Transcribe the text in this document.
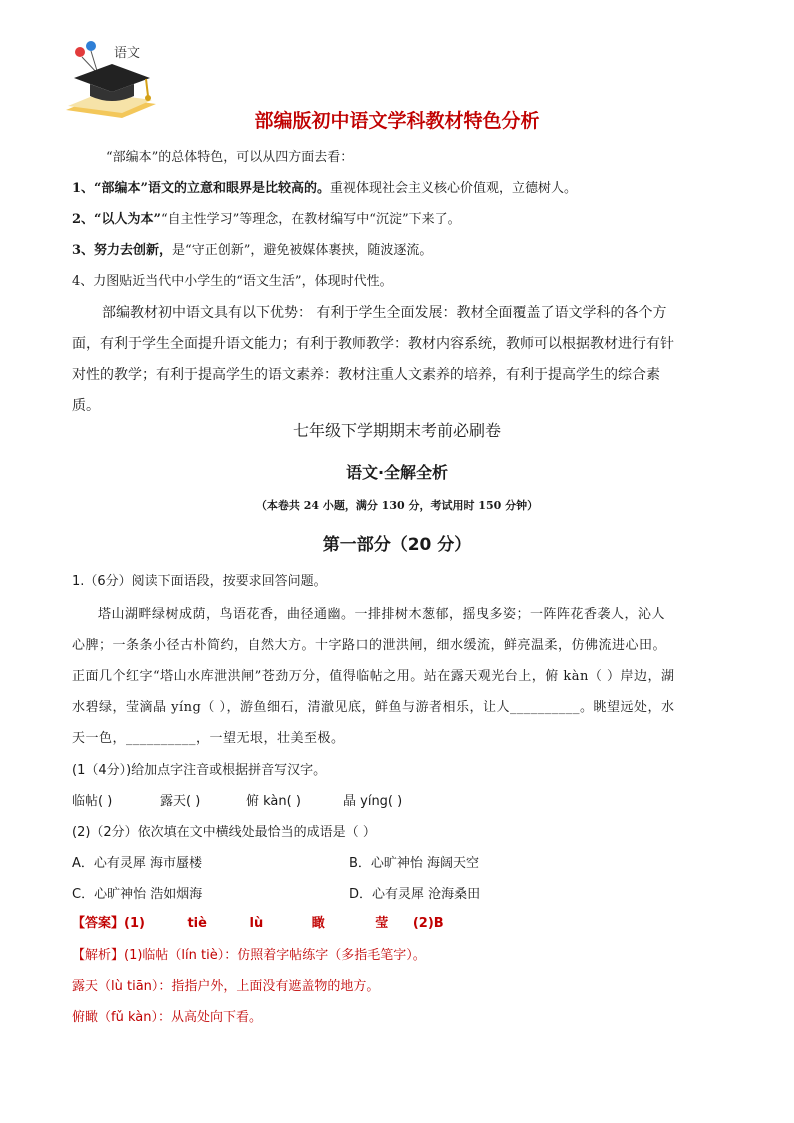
语文
部编版初中语文学科教材特色分析
“部编本”的总体特色，可以从四方面去看：
1、“部编本”语文的立意和眼界是比较高的。重视体现社会主义核心价值观，立德树人。
2、“以人为本”“自主性学习”等理念，在教材编写中“沉淀”下来了。
3、努力去创新，是“守正创新”，避免被媒体裹挟，随波逐流。
4、力图贴近当代中小学生的“语文生活”，体现时代性。
部编教材初中语文具有以下优势： 有利于学生全面发展：教材全面覆盖了语文学科的各个方面，有利于学生全面提升语文能力；有利于教师教学：教材内容系统，教师可以根据教材进行有针对性的教学；有利于提高学生的语文素养：教材注重人文素养的培养，有利于提高学生的综合素质。
七年级下学期期末考前必刷卷
语文·全解全析
（本卷共 24 小题，满分 130 分，考试用时 150 分钟）
第一部分（20 分）
1.（6分）阅读下面语段，按要求回答问题。
塔山湖畔绿树成荫，鸟语花香，曲径通幽。一排排树木葱郁，摇曳多姿；一阵阵花香袭人，沁人心脾；一条条小径古朴简约，自然大方。十字路口的泄洪闸，细水缓流，鲜亮温柔，仿佛流进心田。正面几个红字“塔山水库泄洪闸”苍劲万分，值得临帖之用。站在露天观光台上，俯 kàn（ ）岸边，湖水碧绿，莹滴晶 yíng（ ），游鱼细石，清澈见底，鲜鱼与游者相乐，让人__________。眺望远处，水天一色，__________，一望无垠，壮美至极。
(1（4分）)给加点字注音或根据拼音写汉字。
临帖( )	露天( )	俯 kàn( )	晶 yíng( )
(2)（2分）依次填在文中横线处最恰当的成语是（ ）
A．心有灵犀 海市蜃楼	B．心旷神怡 海阔天空
C．心旷神怡 浩如烟海	D．心有灵犀 沧海桑田
【答案】(1)	tiè	lù	瞰	莹 (2)B
【解析】(1)临帖（lín tiè）：仿照着字帖练字（多指毛笔字）。
露天（lù tiān）：指指户外，上面没有遮盖物的地方。
俯瞰（fǔ kàn）：从高处向下看。
